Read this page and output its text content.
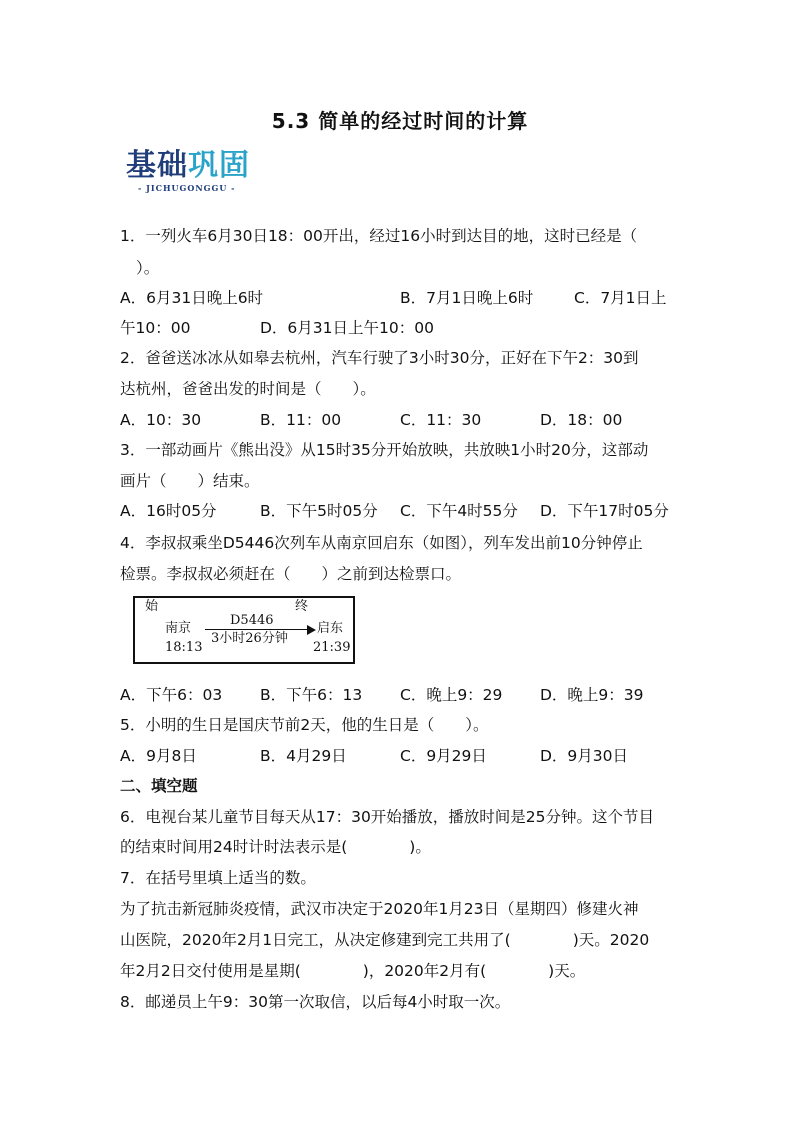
5.3 简单的经过时间的计算
基础巩固
- JICHUGONGGU -
1．一列火车6月30日18：00开出，经过16小时到达目的地，这时已经是（
）。
A．6月31日晚上6时	B．7月1日晚上6时	C．7月1日上
午10：00	D．6月31日上午10：00
2．爸爸送冰冰从如皋去杭州，汽车行驶了3小时30分，正好在下午2：30到
达杭州，爸爸出发的时间是（　　）。
A．10：30	B．11：00	C．11：30	D．18：00
3．一部动画片《熊出没》从15时35分开始放映，共放映1小时20分，这部动
画片（　　）结束。
A．16时05分	B．下午5时05分 C．下午4时55分 D．下午17时05分
4．李叔叔乘坐D5446次列车从南京回启东（如图），列车发出前10分钟停止
检票。李叔叔必须赶在（　　）之前到达检票口。
始	终
D5446
南京	启东
3小时26分钟
18:13	21:39
A．下午6：03 B．下午6：13 C．晚上9：29 D．晚上9：39
5．小明的生日是国庆节前2天，他的生日是（　　）。
A．9月8日	B．4月29日	C．9月29日	D．9月30日
二、填空题
6．电视台某儿童节目每天从17：30开始播放，播放时间是25分钟。这个节目
的结束时间用24时计时法表示是(　　　　)。
7．在括号里填上适当的数。
为了抗击新冠肺炎疫情，武汉市决定于2020年1月23日（星期四）修建火神
山医院，2020年2月1日完工，从决定修建到完工共用了(　　　　)天。2020
年2月2日交付使用是星期(　　　　)，2020年2月有(　　　　)天。
8．邮递员上午9：30第一次取信，以后每4小时取一次。
